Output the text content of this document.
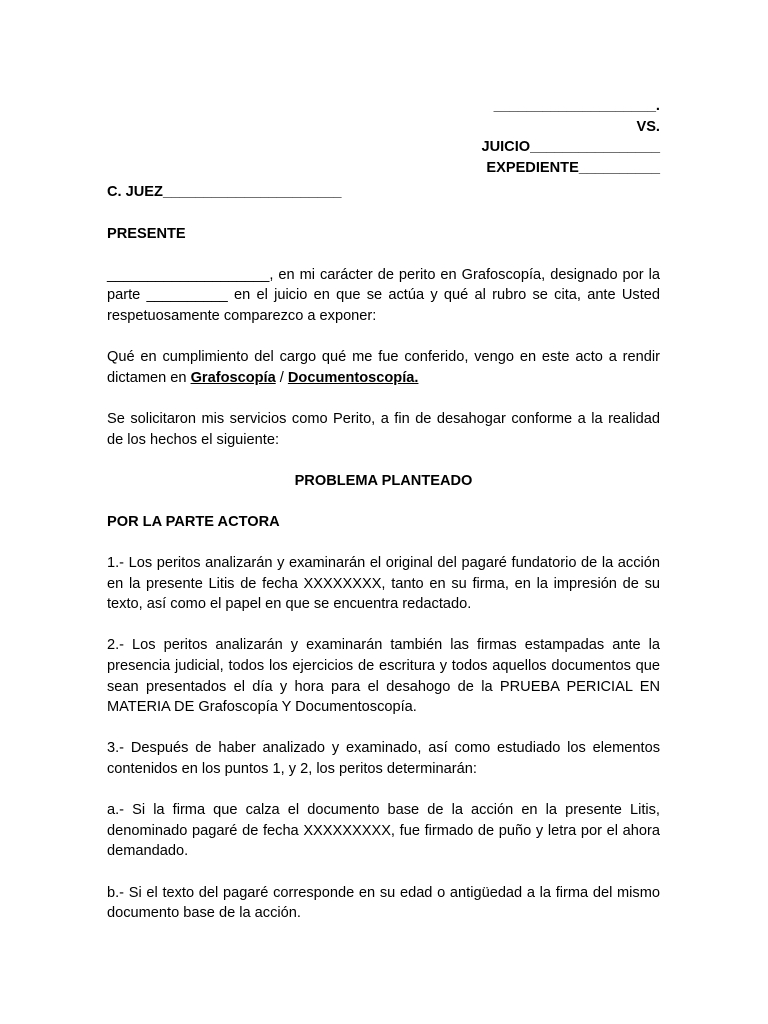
____________________.

VS.

JUICIO________________

EXPEDIENTE__________

C. JUEZ______________________

PRESENTE

____________________, en mi carácter de perito en Grafoscopía, designado por la parte __________ en el juicio en que se actúa y qué al rubro se cita, ante Usted respetuosamente comparezco a exponer:

Qué en cumplimiento del cargo qué me fue conferido, vengo en este acto a rendir dictamen en Grafoscopía / Documentoscopía.

Se solicitaron mis servicios como Perito, a fin de desahogar conforme a la realidad de los hechos el siguiente:

PROBLEMA PLANTEADO

POR LA PARTE ACTORA

1.- Los peritos analizarán y examinarán el original del pagaré fundatorio de la acción en la presente Litis de fecha XXXXXXXX, tanto en su firma, en la impresión de su texto, así como el papel en que se encuentra redactado.

2.- Los peritos analizarán y examinarán también las firmas estampadas ante la presencia judicial, todos los ejercicios de escritura y todos aquellos documentos que sean presentados el día y hora para el desahogo de la PRUEBA PERICIAL EN MATERIA DE Grafoscopía Y Documentoscopía.

3.- Después de haber analizado y examinado, así como estudiado los elementos contenidos en los puntos 1, y 2, los peritos determinarán:

a.- Si la firma que calza el documento base de la acción en la presente Litis, denominado pagaré de fecha XXXXXXXXX, fue firmado de puño y letra por el ahora demandado.

b.- Si el texto del pagaré corresponde en su edad o antigüedad a la firma del mismo documento base de la acción.
